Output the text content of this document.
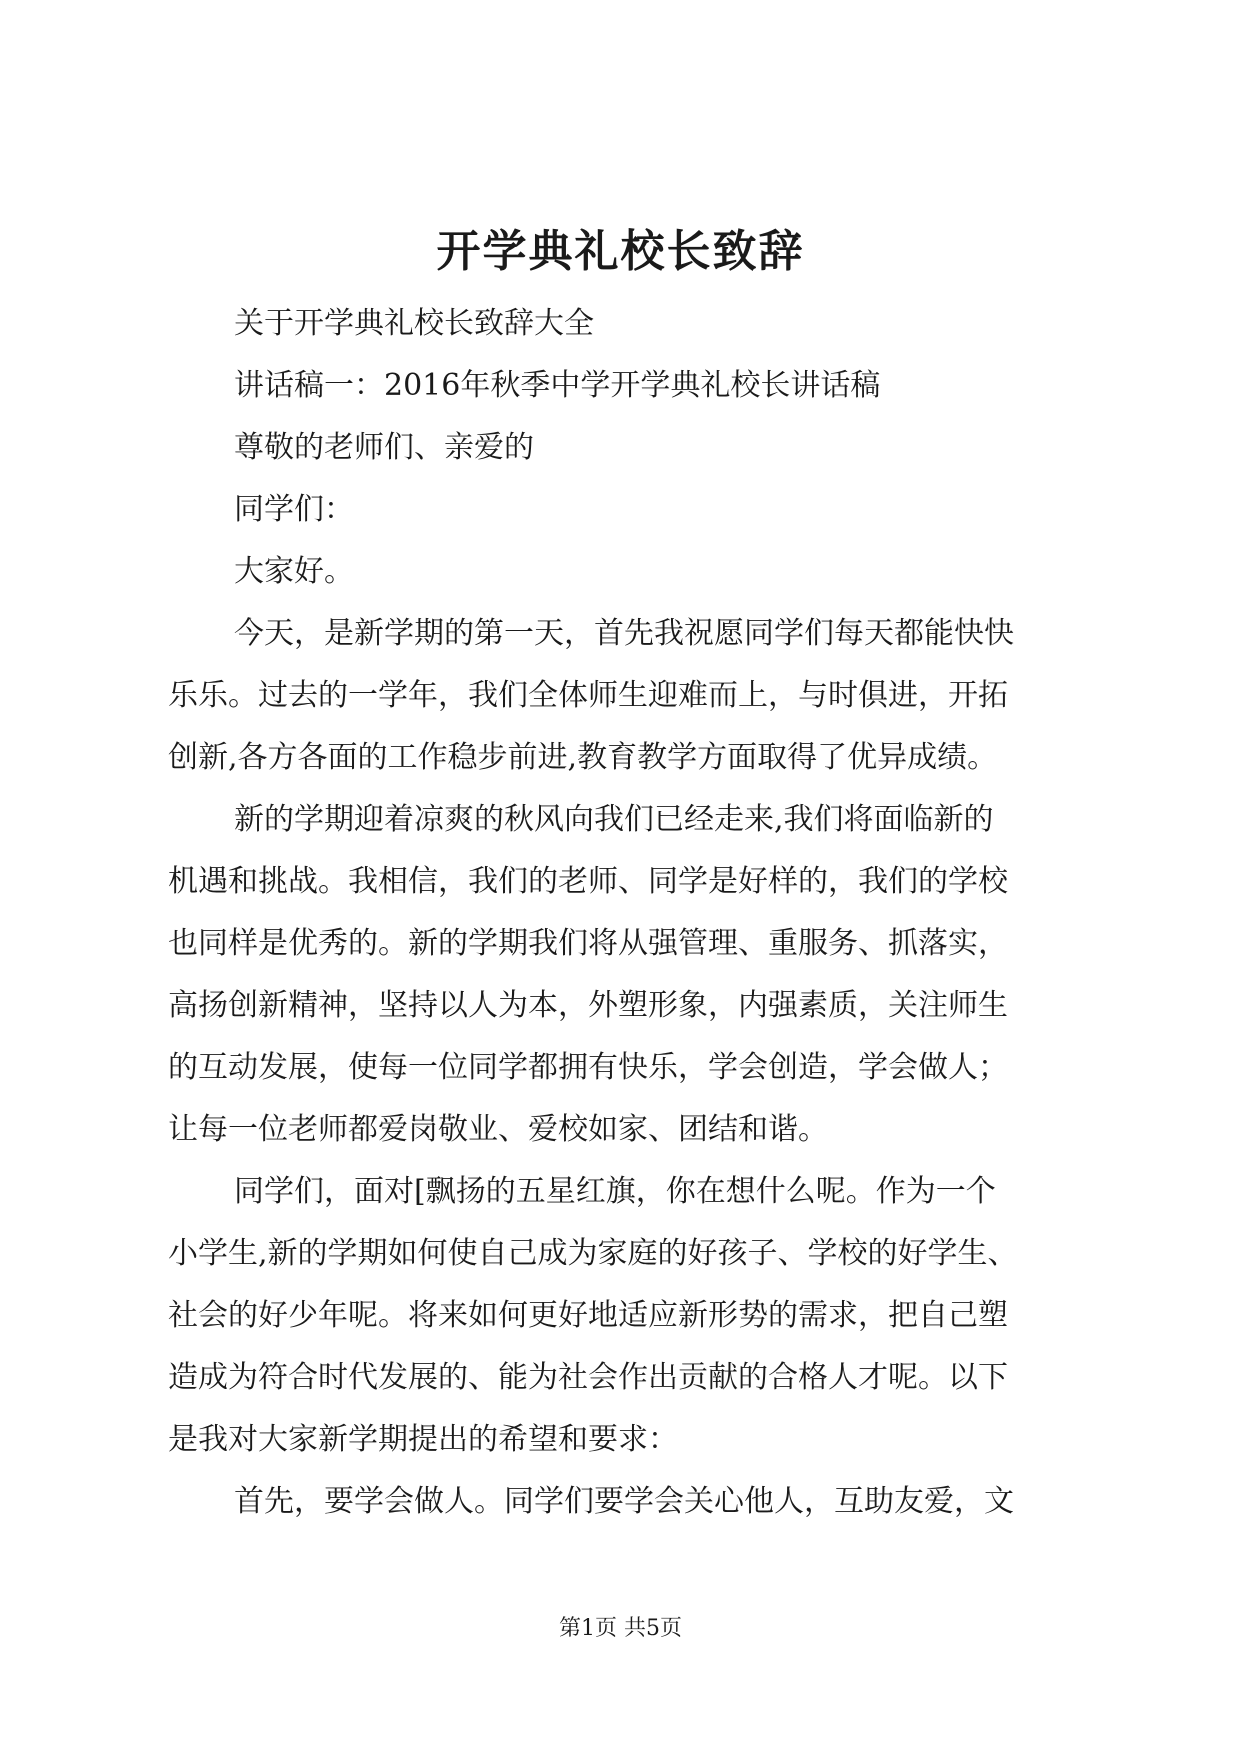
开学典礼校长致辞
关于开学典礼校长致辞大全
讲话稿一：2016年秋季中学开学典礼校长讲话稿
尊敬的老师们、亲爱的
同学们：
大家好。
今天，是新学期的第一天，首先我祝愿同学们每天都能快快
乐乐。过去的一学年，我们全体师生迎难而上，与时俱进，开拓
创新,各方各面的工作稳步前进,教育教学方面取得了优异成绩。
新的学期迎着凉爽的秋风向我们已经走来,我们将面临新的
机遇和挑战。我相信，我们的老师、同学是好样的，我们的学校
也同样是优秀的。新的学期我们将从强管理、重服务、抓落实，
高扬创新精神，坚持以人为本，外塑形象，内强素质，关注师生
的互动发展，使每一位同学都拥有快乐，学会创造，学会做人；
让每一位老师都爱岗敬业、爱校如家、团结和谐。
同学们，面对[飘扬的五星红旗，你在想什么呢。作为一个
小学生,新的学期如何使自己成为家庭的好孩子、学校的好学生、
社会的好少年呢。将来如何更好地适应新形势的需求，把自己塑
造成为符合时代发展的、能为社会作出贡献的合格人才呢。以下
是我对大家新学期提出的希望和要求：
首先，要学会做人。同学们要学会关心他人，互助友爱，文
第1页 共5页
